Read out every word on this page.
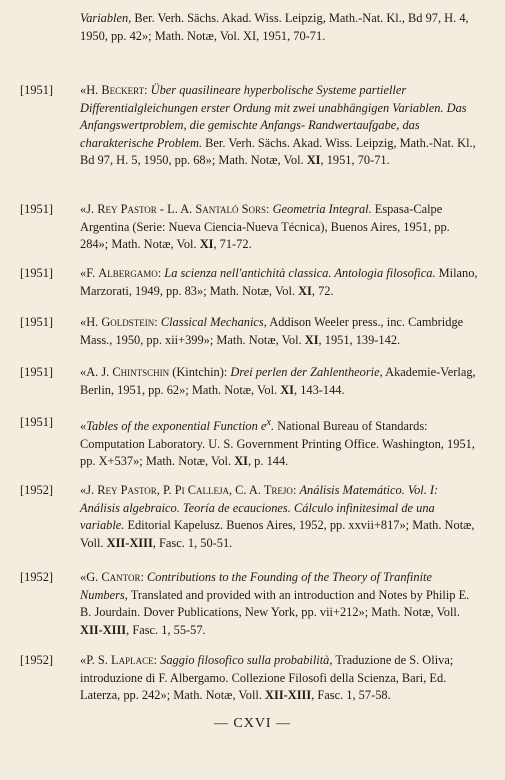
Variablen, Ber. Verh. Sächs. Akad. Wiss. Leipzig, Math.-Nat. Kl., Bd 97, H. 4, 1950, pp. 42»; Math. Notæ, Vol. XI, 1951, 70-71.

[1951]	«H. Beckert: Über quasilineare hyperbolische Systeme partieller Differentialgleichungen erster Ordung mit zwei unabhängigen Variablen. Das Anfangswertproblem, die gemischte Anfangs- Randwertaufgabe, das charakterische Problem. Ber. Verh. Sächs. Akad. Wiss. Leipzig, Math.-Nat. Kl., Bd 97, H. 5, 1950, pp. 68»; Math. Notæ, Vol. XI, 1951, 70-71.

[1951]	«J. Rey Pastor - L. A. Santaló Sors: Geometria Integral. Espasa-Calpe Argentina (Serie: Nueva Ciencia-Nueva Técnica), Buenos Aires, 1951, pp. 284»; Math. Notæ, Vol. XI, 71-72.

[1951]	«F. Albergamo: La scienza nell'antichità classica. Antologia filosofica. Milano, Marzorati, 1949, pp. 83»; Math. Notæ, Vol. XI, 72.

[1951]	«H. Goldstein: Classical Mechanics, Addison Weeler press., inc. Cambridge Mass., 1950, pp. xii+399»; Math. Notæ, Vol. XI, 1951, 139-142.

[1951]	«A. J. Chintschin (Kintchin): Drei perlen der Zahlentheorie, Akademie-Verlag, Berlin, 1951, pp. 62»; Math. Notæ, Vol. XI, 143-144.

[1951]	«Tables of the exponential Function $e^x$. National Bureau of Standards: Computation Laboratory. U. S. Government Printing Office. Washington, 1951, pp. X+537»; Math. Notæ, Vol. XI, p. 144.

[1952]	«J. Rey Pastor, P. Pi Calleja, C. A. Trejo: Análisis Matemático. Vol. I: Análisis algebraico. Teoría de ecauciones. Cálculo infinitesimal de una variable. Editorial Kapelusz. Buenos Aires, 1952, pp. xxvii+817»; Math. Notæ, Voll. XII-XIII, Fasc. 1, 50-51.

[1952]	«G. Cantor: Contributions to the Founding of the Theory of Tranfinite Numbers, Translated and provided with an introduction and Notes by Philip E. B. Jourdain. Dover Publications, New York, pp. vii+212»; Math. Notæ, Voll. XII-XIII, Fasc. 1, 55-57.

[1952]	«P. S. Laplace: Saggio filosofico sulla probabilità, Traduzione de S. Oliva; introduzione di F. Albergamo. Collezione Filosofi della Scienza, Bari, Ed. Laterza, pp. 242»; Math. Notæ, Voll. XII-XIII, Fasc. 1, 57-58.

— CXVI —
